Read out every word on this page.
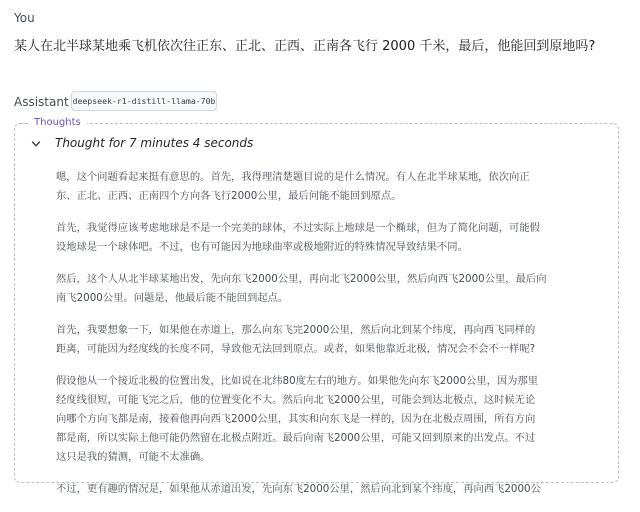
You
某人在北半球某地乘飞机依次往正东、正北、正西、正南各飞行 2000 千米，最后，他能回到原地吗?
Assistant deepseek-r1-distill-llama-70b
Thoughts
Thought for 7 minutes 4 seconds

嗯，这个问题看起来挺有意思的。首先，我得理清楚题目说的是什么情况。有人在北半球某地，依次向正
东、正北、正西、正南四个方向各飞行2000公里，最后问能不能回到原点。

首先，我觉得应该考虑地球是不是一个完美的球体，不过实际上地球是一个椭球，但为了简化问题，可能假
设地球是一个球体吧。不过，也有可能因为地球曲率或极地附近的特殊情况导致结果不同。

然后，这个人从北半球某地出发，先向东飞2000公里，再向北飞2000公里，然后向西飞2000公里，最后向
南飞2000公里。问题是，他最后能不能回到起点。

首先，我要想象一下，如果他在赤道上，那么向东飞完2000公里，然后向北到某个纬度，再向西飞同样的
距离，可能因为经度线的长度不同，导致他无法回到原点。或者，如果他靠近北极，情况会不会不一样呢?

假设他从一个接近北极的位置出发，比如说在北纬80度左右的地方。如果他先向东飞2000公里，因为那里
经度线很短，可能飞完之后，他的位置变化不大。然后向北飞2000公里，可能会到达北极点，这时候无论
向哪个方向飞都是南，接着他再向西飞2000公里，其实和向东飞是一样的，因为在北极点周围，所有方向
都是南，所以实际上他可能仍然留在北极点附近。最后向南飞2000公里，可能又回到原来的出发点。不过
这只是我的猜测，可能不太准确。

不过，更有趣的情况是，如果他从赤道出发，先向东飞2000公里，然后向北到某个纬度，再向西飞2000公
